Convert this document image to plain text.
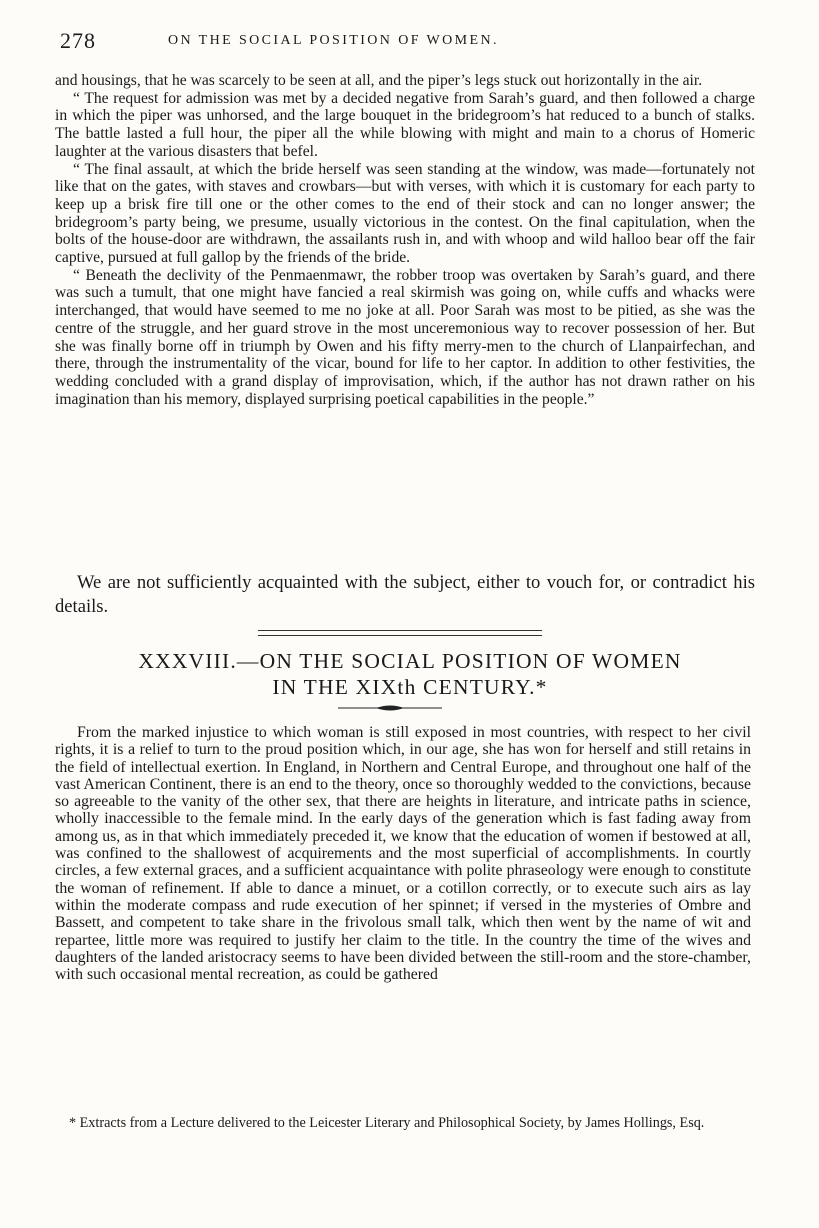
278	ON THE SOCIAL POSITION OF WOMEN.

and housings, that he was scarcely to be seen at all, and the piper’s legs stuck out horizontally in the air.

“ The request for admission was met by a decided negative from Sarah’s guard, and then followed a charge in which the piper was unhorsed, and the large bouquet in the bridegroom’s hat reduced to a bunch of stalks. The battle lasted a full hour, the piper all the while blowing with might and main to a chorus of Homeric laughter at the various disasters that befel.

“ The final assault, at which the bride herself was seen standing at the window, was made—fortunately not like that on the gates, with staves and crowbars—but with verses, with which it is customary for each party to keep up a brisk fire till one or the other comes to the end of their stock and can no longer answer; the bridegroom’s party being, we presume, usually victorious in the contest. On the final capitulation, when the bolts of the house-door are withdrawn, the assailants rush in, and with whoop and wild halloo bear off the fair captive, pursued at full gallop by the friends of the bride.

“ Beneath the declivity of the Penmaenmawr, the robber troop was overtaken by Sarah’s guard, and there was such a tumult, that one might have fancied a real skirmish was going on, while cuffs and whacks were interchanged, that would have seemed to me no joke at all. Poor Sarah was most to be pitied, as she was the centre of the struggle, and her guard strove in the most unceremonious way to recover possession of her. But she was finally borne off in triumph by Owen and his fifty merry-men to the church of Llanpairfechan, and there, through the instrumentality of the vicar, bound for life to her captor. In addition to other festivities, the wedding concluded with a grand display of improvisation, which, if the author has not drawn rather on his imagination than his memory, displayed surprising poetical capabilities in the people.”

We are not sufficiently acquainted with the subject, either to vouch for, or contradict his details.

XXXVIII.—ON THE SOCIAL POSITION OF WOMEN
IN THE XIXth CENTURY.*

From the marked injustice to which woman is still exposed in most countries, with respect to her civil rights, it is a relief to turn to the proud position which, in our age, she has won for herself and still retains in the field of intellectual exertion. In England, in Northern and Central Europe, and throughout one half of the vast American Continent, there is an end to the theory, once so thoroughly wedded to the convictions, because so agreeable to the vanity of the other sex, that there are heights in literature, and intricate paths in science, wholly inaccessible to the female mind. In the early days of the generation which is fast fading away from among us, as in that which immediately preceded it, we know that the education of women if bestowed at all, was confined to the shallowest of acquirements and the most superficial of accomplishments. In courtly circles, a few external graces, and a sufficient acquaintance with polite phraseology were enough to constitute the woman of refinement. If able to dance a minuet, or a cotillon correctly, or to execute such airs as lay within the moderate compass and rude execution of her spinnet; if versed in the mysteries of Ombre and Bassett, and competent to take share in the frivolous small talk, which then went by the name of wit and repartee, little more was required to justify her claim to the title. In the country the time of the wives and daughters of the landed aristocracy seems to have been divided between the still-room and the store-chamber, with such occasional mental recreation, as could be gathered

* Extracts from a Lecture delivered to the Leicester Literary and Philosophical Society, by James Hollings, Esq.
